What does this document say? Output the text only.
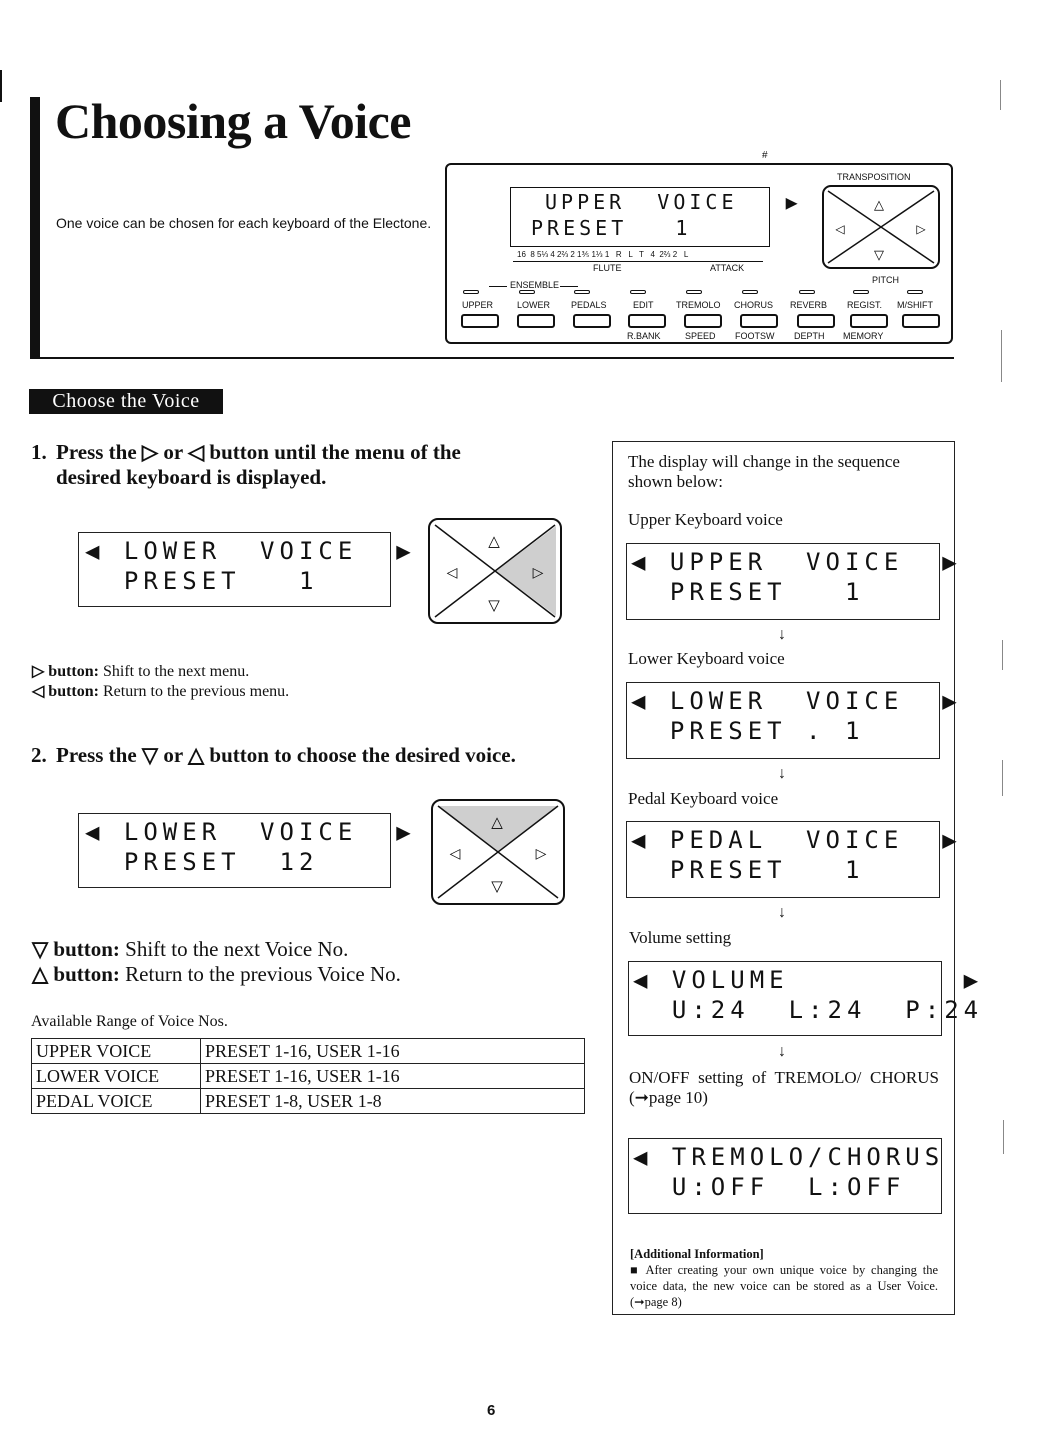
Choosing a Voice
One voice can be chosen for each keyboard of the Electone.
#
UPPER  VOICE   ▶
PRESET   1
16  8 5⅓ 4 2⅔ 2 1⅗ 1⅓ 1   R   L   T   4  2⅔ 2   L
FLUTE	ATTACK
ENSEMBLE
TRANSPOSITION
△
▽
◁	▷
PITCH
UPPER	LOWER PEDALS	EDIT TREMOLO CHORUS REVERB REGIST. M/SHIFT
R.BANK	SPEED FOOTSW DEPTH MEMORY
Choose the Voice
1. Press the ▷ or ◁ button until the menu of the
desired keyboard is displayed.
◀ LOWER  VOICE  ▶
PRESET   1
△
▽
◁	▷
▷ button: Shift to the next menu.
◁ button: Return to the previous menu.
2. Press the ▽ or △ button to choose the desired voice.
◀ LOWER  VOICE  ▶
PRESET  12
△
▽
◁	▷
▽ button: Shift to the next Voice No.
△ button: Return to the previous Voice No.
Available Range of Voice Nos.
UPPER VOICE	PRESET 1-16, USER 1-16
LOWER VOICE	PRESET 1-16, USER 1-16
PEDAL VOICE	PRESET 1-8, USER 1-8
The display will change in the sequence shown below:
Upper Keyboard voice
◀ UPPER  VOICE  ▶
PRESET   1
↓
Lower Keyboard voice
◀ LOWER  VOICE  ▶
PRESET . 1
↓
Pedal Keyboard voice
◀ PEDAL  VOICE  ▶
PRESET   1
↓
Volume setting
◀ VOLUME         ▶
U:24  L:24  P:24
↓
ON/OFF setting of TREMOLO/ CHORUS (➞page 10)
◀ TREMOLO/CHORUS
U:OFF  L:OFF
[Additional Information]
■ After creating your own unique voice by changing the voice data, the new voice can be stored as a User Voice. (➞page 8)
6
